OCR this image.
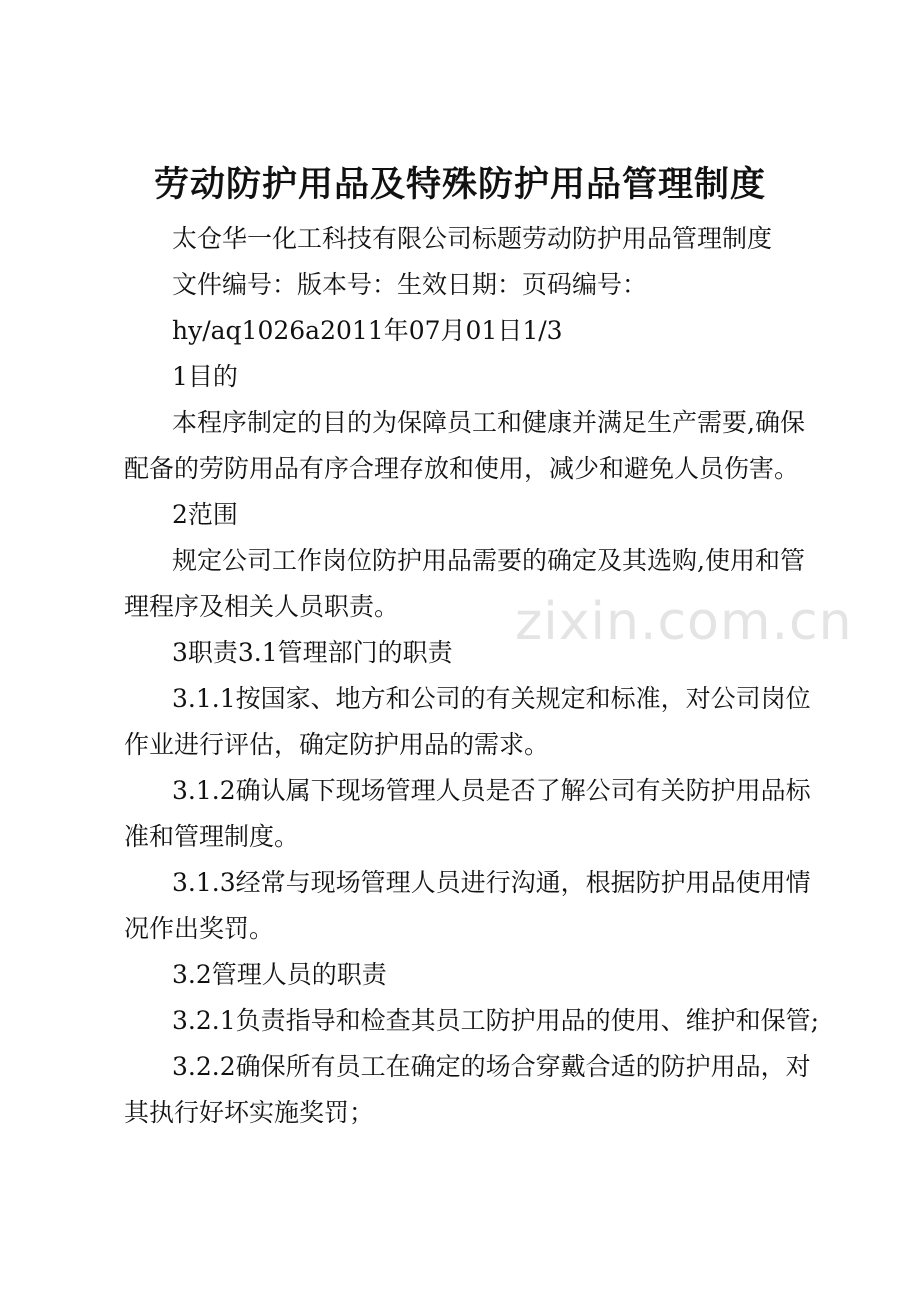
劳动防护用品及特殊防护用品管理制度
太仓华一化工科技有限公司标题劳动防护用品管理制度
文件编号：版本号：生效日期：页码编号：
hy/aq1026a2011年07月01日1/3
1目的
本程序制定的目的为保障员工和健康并满足生产需要,确保
配备的劳防用品有序合理存放和使用，减少和避免人员伤害。
2范围
规定公司工作岗位防护用品需要的确定及其选购,使用和管
理程序及相关人员职责。
3职责3.1管理部门的职责
3.1.1按国家、地方和公司的有关规定和标准，对公司岗位
作业进行评估，确定防护用品的需求。
3.1.2确认属下现场管理人员是否了解公司有关防护用品标
准和管理制度。
3.1.3经常与现场管理人员进行沟通，根据防护用品使用情
况作出奖罚。
3.2管理人员的职责
3.2.1负责指导和检查其员工防护用品的使用、维护和保管;
3.2.2确保所有员工在确定的场合穿戴合适的防护用品，对
其执行好坏实施奖罚；
zixin.com.cn
